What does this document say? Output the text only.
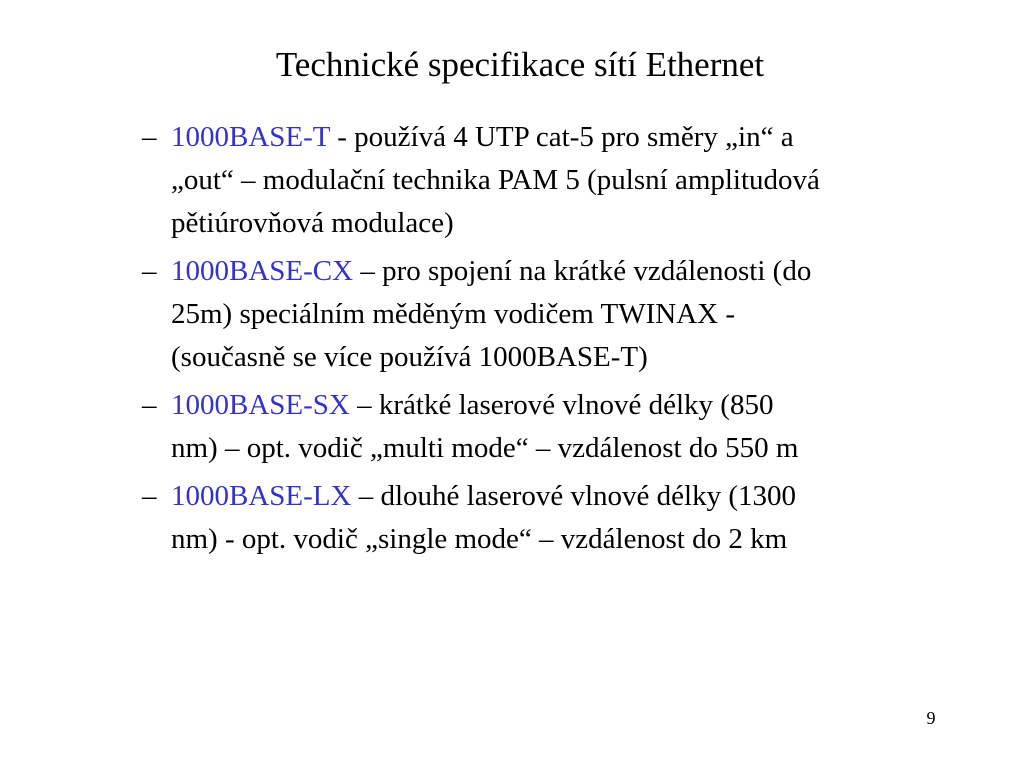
Technické specifikace sítí Ethernet
– 1000BASE-T - používá 4 UTP cat-5 pro směry „in“ a
„out“ – modulační technika PAM 5 (pulsní amplitudová
pětiúrovňová modulace)
– 1000BASE-CX – pro spojení na krátké vzdálenosti (do
25m) speciálním měděným vodičem TWINAX -
(současně se více používá 1000BASE-T)
– 1000BASE-SX – krátké laserové vlnové délky (850
nm) – opt. vodič „multi mode“ – vzdálenost do 550 m
– 1000BASE-LX – dlouhé laserové vlnové délky (1300
nm) - opt. vodič „single mode“ – vzdálenost do 2 km
9
